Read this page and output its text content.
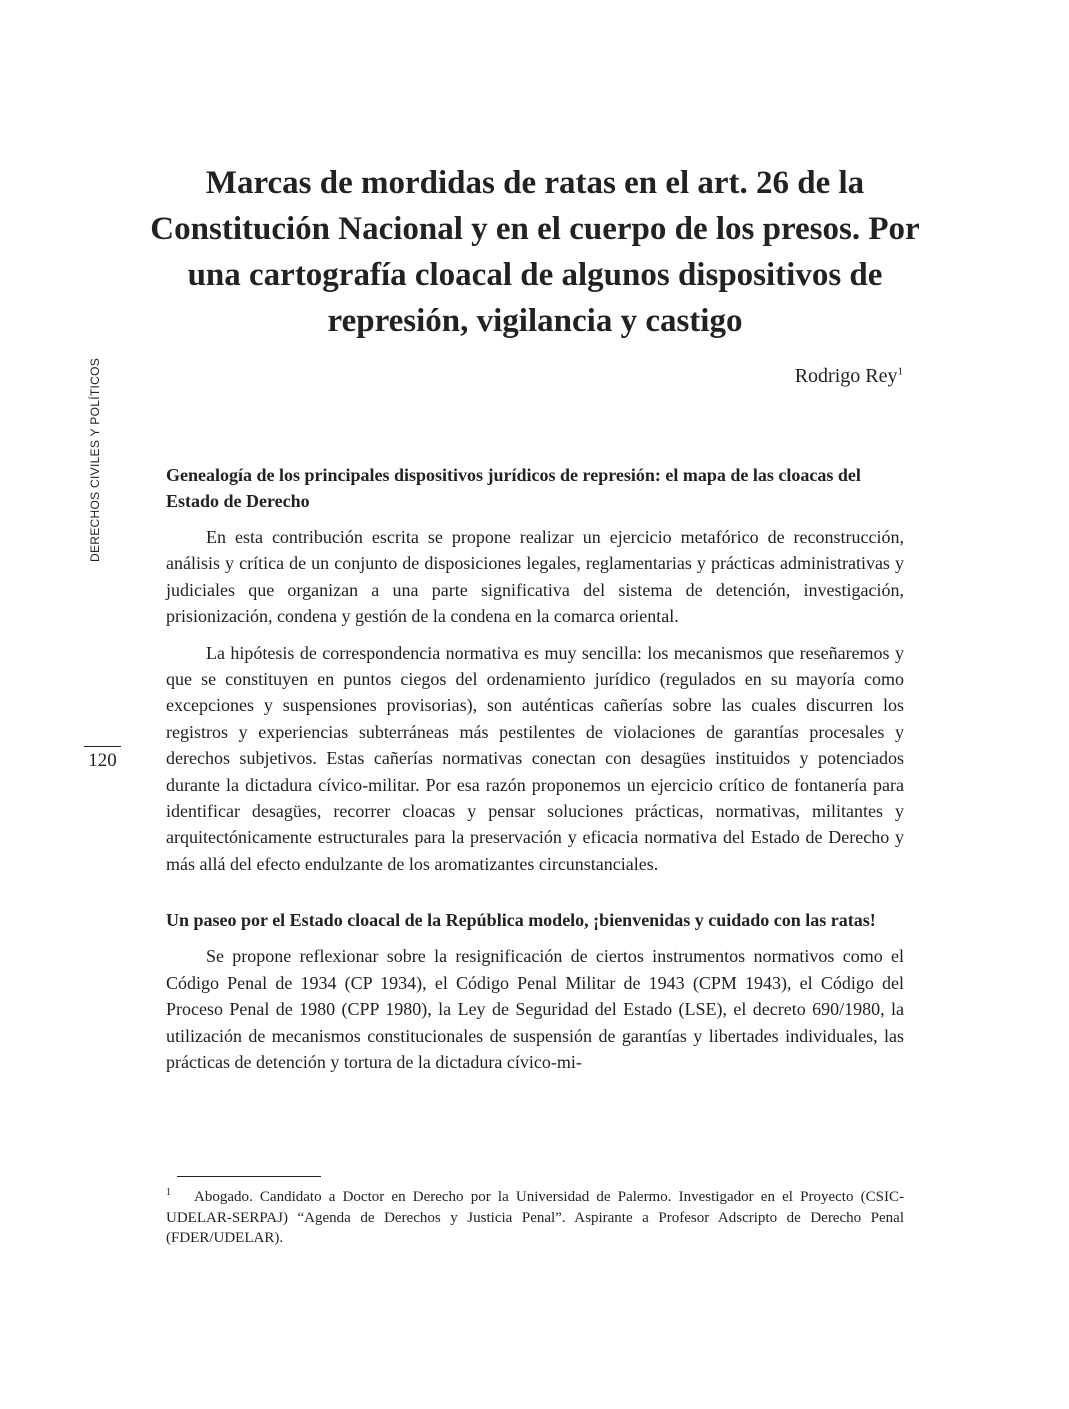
DERECHOS CIVILES Y POLÍTICOS
120
Marcas de mordidas de ratas en el art. 26 de la Constitución Nacional y en el cuerpo de los presos. Por una cartografía cloacal de algunos dispositivos de represión, vigilancia y castigo
Rodrigo Rey$^1$
Genealogía de los principales dispositivos jurídicos de represión: el mapa de las cloacas del Estado de Derecho

En esta contribución escrita se propone realizar un ejercicio metafórico de reconstrucción, análisis y crítica de un conjunto de disposiciones legales, reglamentarias y prácticas administrativas y judiciales que organizan a una parte significativa del sistema de detención, investigación, prisionización, condena y gestión de la condena en la comarca oriental.

La hipótesis de correspondencia normativa es muy sencilla: los mecanismos que reseñaremos y que se constituyen en puntos ciegos del ordenamiento jurídico (regulados en su mayoría como excepciones y suspensiones provisorias), son auténticas cañerías sobre las cuales discurren los registros y experiencias subterráneas más pestilentes de violaciones de garantías procesales y derechos subjetivos. Estas cañerías normativas conectan con desagües instituidos y potenciados durante la dictadura cívico-militar. Por esa razón proponemos un ejercicio crítico de fontanería para identificar desagües, recorrer cloacas y pensar soluciones prácticas, normativas, militantes y arquitectónicamente estructurales para la preservación y eficacia normativa del Estado de Derecho y más allá del efecto endulzante de los aromatizantes circunstanciales.

Un paseo por el Estado cloacal de la República modelo, ¡bienvenidas y cuidado con las ratas!

Se propone reflexionar sobre la resignificación de ciertos instrumentos normativos como el Código Penal de 1934 (CP 1934), el Código Penal Militar de 1943 (CPM 1943), el Código del Proceso Penal de 1980 (CPP 1980), la Ley de Seguridad del Estado (LSE), el decreto 690/1980, la utilización de mecanismos constitucionales de suspensión de garantías y libertades individuales, las prácticas de detención y tortura de la dictadura cívico-mi-

1 Abogado. Candidato a Doctor en Derecho por la Universidad de Palermo. Investigador en el Proyecto (CSIC-UDELAR-SERPAJ) “Agenda de Derechos y Justicia Penal”. Aspirante a Profesor Adscripto de Derecho Penal (FDER/UDELAR).
